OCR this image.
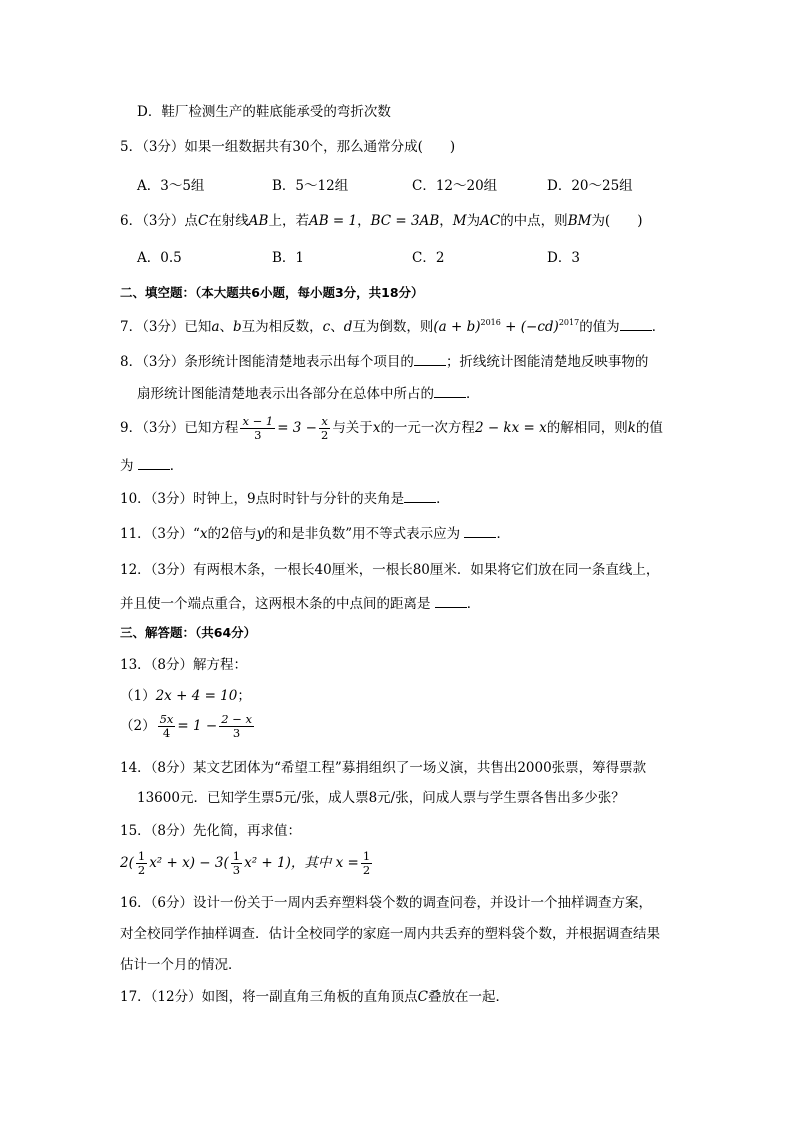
D．鞋厂检测生产的鞋底能承受的弯折次数
5．（3分）如果一组数据共有30个，那么通常分成(　　)
A．3～5组	B．5～12组	C．12～20组	D．20～25组
6．（3分）点C在射线AB上，若AB = 1，BC = 3AB，M为AC的中点，则BM为(　　)
A．0.5	B．1	C．2	D．3
二、填空题：（本大题共6小题，每小题3分，共18分）
7．（3分）已知a、b互为相反数，c、d互为倒数，则$(a + b)^{2016} + (-cd)^{2017}$的值为 ．
8．（3分）条形统计图能清楚地表示出每个项目的 ；折线统计图能清楚地反映事物的
扇形统计图能清楚地表示出各部分在总体中所占的 ．
9．（3分）已知方程 $\frac{x - 1}{3} = 3 - \frac{x}{2}$ 与关于x的一元一次方程2 − kx = x的解相同，则k的值
为	．
10．（3分）时钟上，9点时时针与分针的夹角是 ．
11．（3分）“x的2倍与y的和是非负数”用不等式表示应为	．
12．（3分）有两根木条，一根长40厘米，一根长80厘米．如果将它们放在同一条直线上，
并且使一个端点重合，这两根木条的中点间的距离是	．
三、解答题：（共64分）
13．（8分）解方程：
（1）2x + 4 = 10；
$(2) \frac{5x}{4} = 1 - \frac{2 - x}{3}$
14．（8分）某文艺团体为“希望工程”募捐组织了一场义演，共售出2000张票，筹得票款
13600元．已知学生票5元/张，成人票8元/张，问成人票与学生票各售出多少张？
15．（8分）先化简，再求值：
$2( \frac{1}{2} x^2 + x) - 3( \frac{1}{3} x^2 + 1)$，其中 $x = \frac{1}{2}$
16．（6分）设计一份关于一周内丢弃塑料袋个数的调查问卷，并设计一个抽样调查方案，
对全校同学作抽样调查．估计全校同学的家庭一周内共丢弃的塑料袋个数，并根据调查结果
估计一个月的情况．
17．（12分）如图，将一副直角三角板的直角顶点C叠放在一起．
